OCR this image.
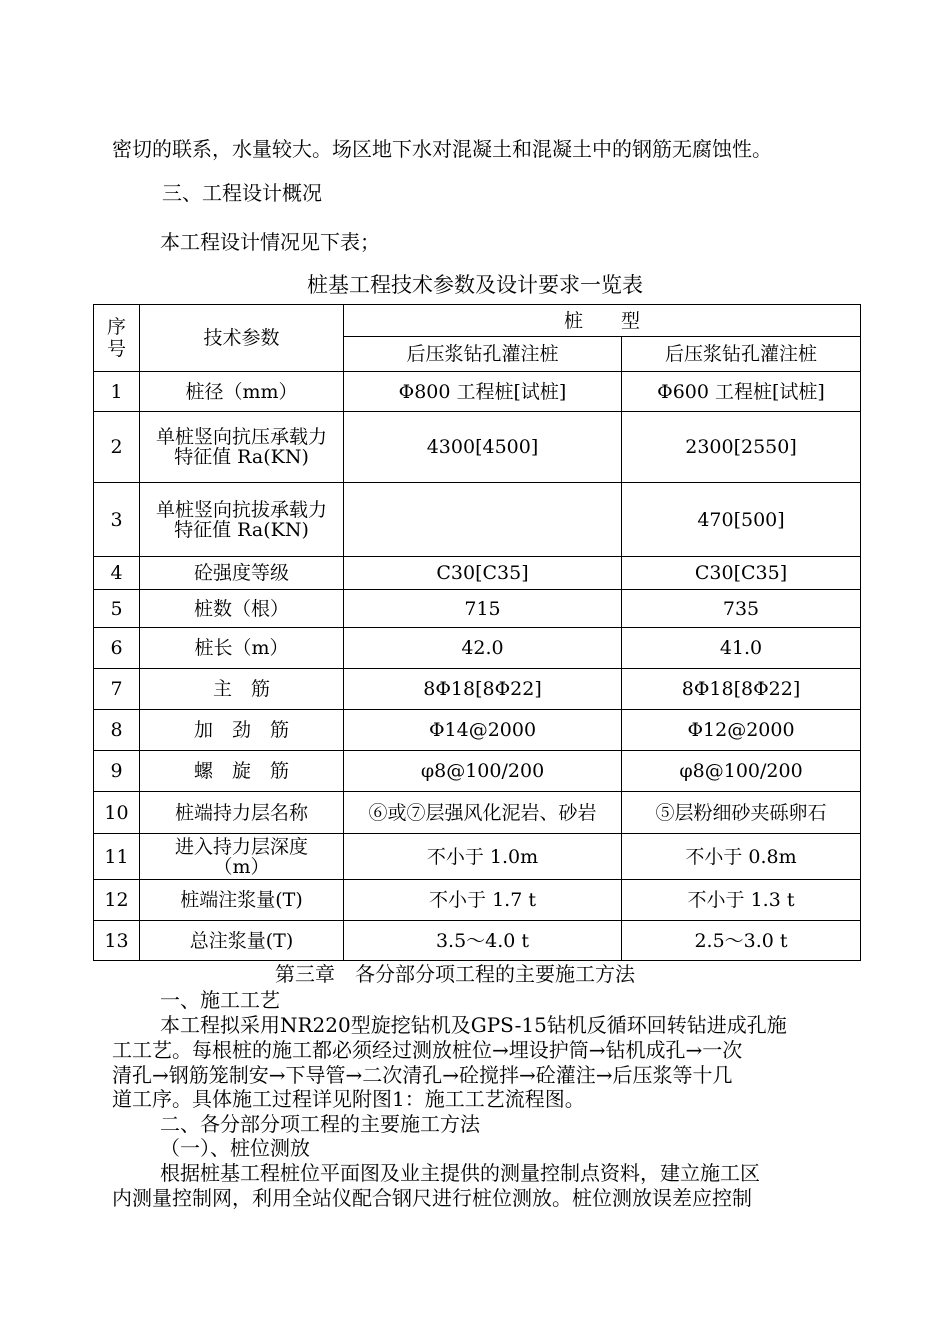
密切的联系，水量较大。场区地下水对混凝土和混凝土中的钢筋无腐蚀性。
三、工程设计概况
本工程设计情况见下表；
桩基工程技术参数及设计要求一览表
序号	技术参数	桩　　型	
		后压浆钻孔灌注桩	后压浆钻孔灌注桩
1	桩径（mm）	Φ800 工程桩[试桩]	Φ600 工程桩[试桩]
2	单桩竖向抗压承载力特征值 Ra(KN)	4300[4500]	2300[2550]
3	单桩竖向抗拔承载力特征值 Ra(KN)		470[500]
4	砼强度等级	C30[C35]	C30[C35]
5	桩数（根）	715	735
6	桩长（m）	42.0	41.0
7	主　筋	8Φ18[8Φ22]	8Φ18[8Φ22]
8	加　劲　筋	Φ14@2000	Φ12@2000
9	螺　旋　筋	φ8@100/200	φ8@100/200
10	桩端持力层名称	⑥或⑦层强风化泥岩、砂岩	⑤层粉细砂夹砾卵石
11	进入持力层深度（m）	不小于 1.0m	不小于 0.8m
12	桩端注浆量(T)	不小于 1.7 t	不小于 1.3 t
13	总注浆量(T)	3.5～4.0 t	2.5～3.0 t
第三章　各分部分项工程的主要施工方法
一、施工工艺
本工程拟采用NR220型旋挖钻机及GPS-15钻机反循环回转钻进成孔施
工工艺。每根桩的施工都必须经过测放桩位→埋设护筒→钻机成孔→一次
清孔→钢筋笼制安→下导管→二次清孔→砼搅拌→砼灌注→后压浆等十几
道工序。具体施工过程详见附图1：施工工艺流程图。
二、各分部分项工程的主要施工方法
（一）、桩位测放
根据桩基工程桩位平面图及业主提供的测量控制点资料，建立施工区
内测量控制网，利用全站仪配合钢尺进行桩位测放。桩位测放误差应控制
